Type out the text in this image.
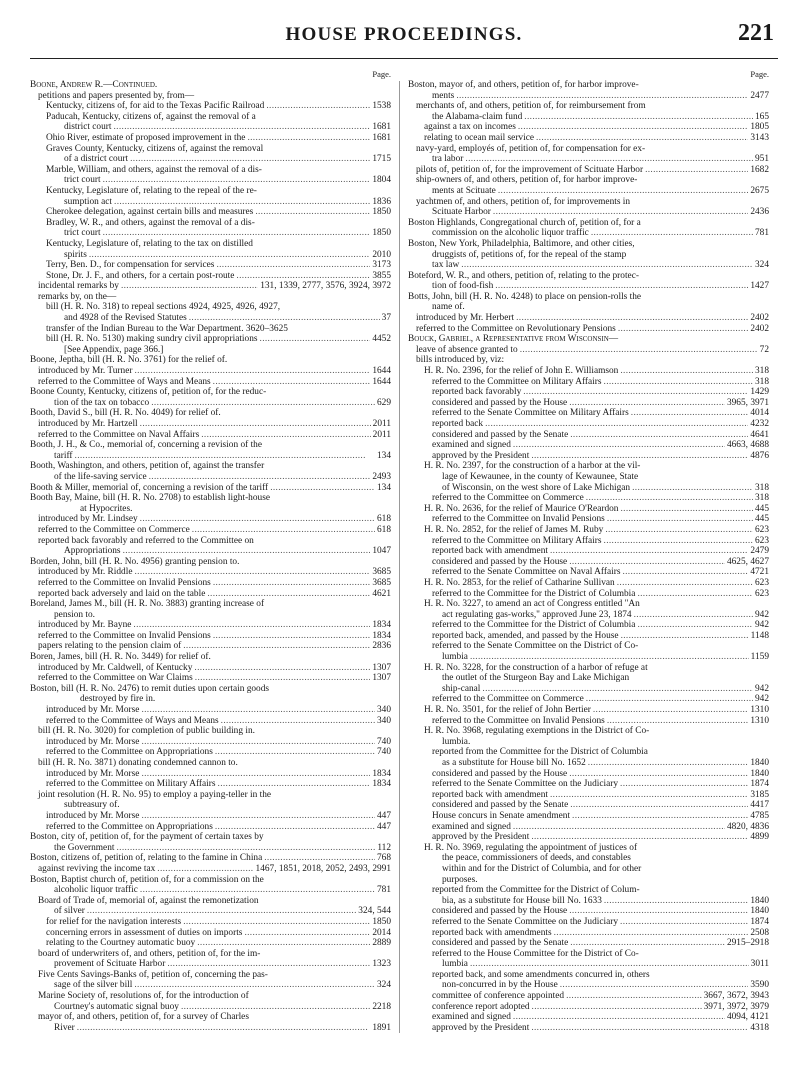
HOUSE PROCEEDINGS.	221
Page.
Boone, Andrew R.—Continued.
petitions and papers presented by, from—
Kentucky, citizens of, for aid to the Texas Pacific Railroad . . .	1538
Paducah, Kentucky, citizens of, against the removal of a
district court . . .	1681
Ohio River, estimate of proposed improvement in the . . .	1681
Graves County, Kentucky, citizens of, against the removal
of a district court . . .	1715
Marble, William, and others, against the removal of a dis-
trict court . . .	1804
Kentucky, Legislature of, relating to the repeal of the re-
sumption act . . .	1836
Cherokee delegation, against certain bills and measures . . .	1850
Bradley, W. R., and others, against the removal of a dis-
trict court . . .	1850
Kentucky, Legislature of, relating to the tax on distilled
spirits . . .	2010
Terry, Ben. D., for compensation for services . . .	3173
Stone, Dr. J. F., and others, for a certain post-route . . .	3855
incidental remarks by . . .	131, 1339, 2777, 3576, 3924, 3972
remarks by, on the—
bill (H. R. No. 318) to repeal sections 4924, 4925, 4926, 4927,
and 4928 of the Revised Statutes . . .	37
transfer of the Indian Bureau to the War Department. 3620–3625
bill (H. R. No. 5130) making sundry civil appropriations . . .	4452
[See Appendix, page 366.]
Boone, Jeptha, bill (H. R. No. 3761) for the relief of.
introduced by Mr. Turner . . .	1644
referred to the Committee of Ways and Means . . .	1644
Boone County, Kentucky, citizens of, petition of, for the reduc-
tion of the tax on tobacco . . .	629
Booth, David S., bill (H. R. No. 4049) for relief of.
introduced by Mr. Hartzell . . .	2011
referred to the Committee on Naval Affairs . . .	2011
Booth, J. H., & Co., memorial of, concerning a revision of the
tariff . . .	134
Booth, Washington, and others, petition of, against the transfer
of the life-saving service . . .	2493
Booth & Miller, memorial of, concerning a revision of the tariff . . .	134
Booth Bay, Maine, bill (H. R. No. 2708) to establish light-house
at Hypocrites.
introduced by Mr. Lindsey . . .	618
referred to the Committee on Commerce . . .	618
reported back favorably and referred to the Committee on
Appropriations . . .	1047
Borden, John, bill (H. R. No. 4956) granting pension to.
introduced by Mr. Riddle . . .	3685
referred to the Committee on Invalid Pensions . . .	3685
reported back adversely and laid on the table . . .	4621
Boreland, James M., bill (H. R. No. 3883) granting increase of
pension to.
introduced by Mr. Bayne . . .	1834
referred to the Committee on Invalid Pensions . . .	1834
papers relating to the pension claim of . . .	2836
Boren, James, bill (H. R. No. 3449) for relief of.
introduced by Mr. Caldwell, of Kentucky . . .	1307
referred to the Committee on War Claims . . .	1307
Boston, bill (H. R. No. 2476) to remit duties upon certain goods
destroyed by fire in.
introduced by Mr. Morse . . .	340
referred to the Committee of Ways and Means . . .	340
bill (H. R. No. 3020) for completion of public building in.
introduced by Mr. Morse . . .	740
referred to the Committee on Appropriations . . .	740
bill (H. R. No. 3871) donating condemned cannon to.
introduced by Mr. Morse . . .	1834
referred to the Committee on Military Affairs . . .	1834
joint resolution (H. R. No. 95) to employ a paying-teller in the
subtreasury of.
introduced by Mr. Morse . . .	447
referred to the Committee on Appropriations . . .	447
Boston, city of, petition of, for the payment of certain taxes by
the Government . . .	112
Boston, citizens of, petition of, relating to the famine in China . . .	768
against reviving the income tax . . .	1467, 1851, 2018, 2052, 2493, 2991
Boston, Baptist church of, petition of, for a commission on the
alcoholic liquor traffic . . .	781
Board of Trade of, memorial of, against the remonetization
of silver . . .	324, 544
for relief for the navigation interests . . .	1850
concerning errors in assessment of duties on imports . . .	2014
relating to the Courtney automatic buoy . . .	2889
board of underwriters of, and others, petition of, for the im-
provement of Scituate Harbor . . .	1323
Five Cents Savings-Banks of, petition of, concerning the pas-
sage of the silver bill . . .	324
Marine Society of, resolutions of, for the introduction of
Courtney's automatic signal buoy . . .	2218
mayor of, and others, petition of, for a survey of Charles
River . . .	1891
Page.
Boston, mayor of, and others, petition of, for harbor improve-
ments . . .	2477
merchants of, and others, petition of, for reimbursement from
the Alabama-claim fund . . .	165
against a tax on incomes . . .	1805
relating to ocean mail service . . .	3143
navy-yard, employés of, petition of, for compensation for ex-
tra labor . . .	951
pilots of, petition of, for the improvement of Scituate Harbor . . .	1682
ship-owners of, and others, petition of, for harbor improve-
ments at Scituate . . .	2675
yachtmen of, and others, petition of, for improvements in
Scituate Harbor . . .	2436
Boston Highlands, Congregational church of, petition of, for a
commission on the alcoholic liquor traffic . . .	781
Boston, New York, Philadelphia, Baltimore, and other cities,
druggists of, petitions of, for the repeal of the stamp
tax law . . .	324
Boteford, W. R., and others, petition of, relating to the protec-
tion of food-fish . . .	1427
Botts, John, bill (H. R. No. 4248) to place on pension-rolls the
name of.
introduced by Mr. Herbert . . .	2402
referred to the Committee on Revolutionary Pensions . . .	2402
Bouck, Gabriel, a Representative from Wisconsin—
leave of absence granted to . . .	72
bills introduced by, viz:
H. R. No. 2396, for the relief of John E. Williamson . . .	318
referred to the Committee on Military Affairs . . .	318
reported back favorably . . .	1429
considered and passed by the House . . .	3965, 3971
referred to the Senate Committee on Military Affairs . . .	4014
reported back . . .	4232
considered and passed by the Senate . . .	4641
examined and signed . . .	4663, 4688
approved by the President . . .	4876
H. R. No. 2397, for the construction of a harbor at the vil-
lage of Kewaunee, in the county of Kewaunee, State
of Wisconsin, on the west shore of Lake Michigan . . .	318
referred to the Committee on Commerce . . .	318
H. R. No. 2636, for the relief of Maurice O'Reardon . . .	445
referred to the Committee on Invalid Pensions . . .	445
H. R. No. 2852, for the relief of James M. Ruby . . .	623
referred to the Committee on Military Affairs . . .	623
reported back with amendment . . .	2479
considered and passed by the House . . .	4625, 4627
referred to the Senate Committee on Naval Affairs . . .	4721
H. R. No. 2853, for the relief of Catharine Sullivan . . .	623
referred to the Committee for the District of Columbia . . .	623
H. R. No. 3227, to amend an act of Congress entitled "An
act regulating gas-works," approved June 23, 1874 . . .	942
referred to the Committee for the District of Columbia . . .	942
reported back, amended, and passed by the House . . .	1148
referred to the Senate Committee on the District of Co-
lumbia . . .	1159
H. R. No. 3228, for the construction of a harbor of refuge at
the outlet of the Sturgeon Bay and Lake Michigan
ship-canal . . .	942
referred to the Committee on Commerce . . .	942
H. R. No. 3501, for the relief of John Bertier . . .	1310
referred to the Committee on Invalid Pensions . . .	1310
H. R. No. 3968, regulating exemptions in the District of Co-
lumbia.
reported from the Committee for the District of Columbia
as a substitute for House bill No. 1652 . . .	1840
considered and passed by the House . . .	1840
referred to the Senate Committee on the Judiciary . . .	1874
reported back with amendment . . .	3185
considered and passed by the Senate . . .	4417
House concurs in Senate amendment . . .	4785
examined and signed . . .	4820, 4836
approved by the President . . .	4899
H. R. No. 3969, regulating the appointment of justices of
the peace, commissioners of deeds, and constables
within and for the District of Columbia, and for other
purposes.
reported from the Committee for the District of Colum-
bia, as a substitute for House bill No. 1633 . . .	1840
considered and passed by the House . . .	1840
referred to the Senate Committee on the Judiciary . . .	1874
reported back with amendments . . .	2508
considered and passed by the Senate . . .	2915–2918
referred to the House Committee for the District of Co-
lumbia . . .	3011
reported back, and some amendments concurred in, others
non-concurred in by the House . . .	3590
committee of conference appointed . . .	3667, 3672, 3943
conference report adopted . . .	3971, 3972, 3979
examined and signed . . .	4094, 4121
approved by the President . . .	4318
